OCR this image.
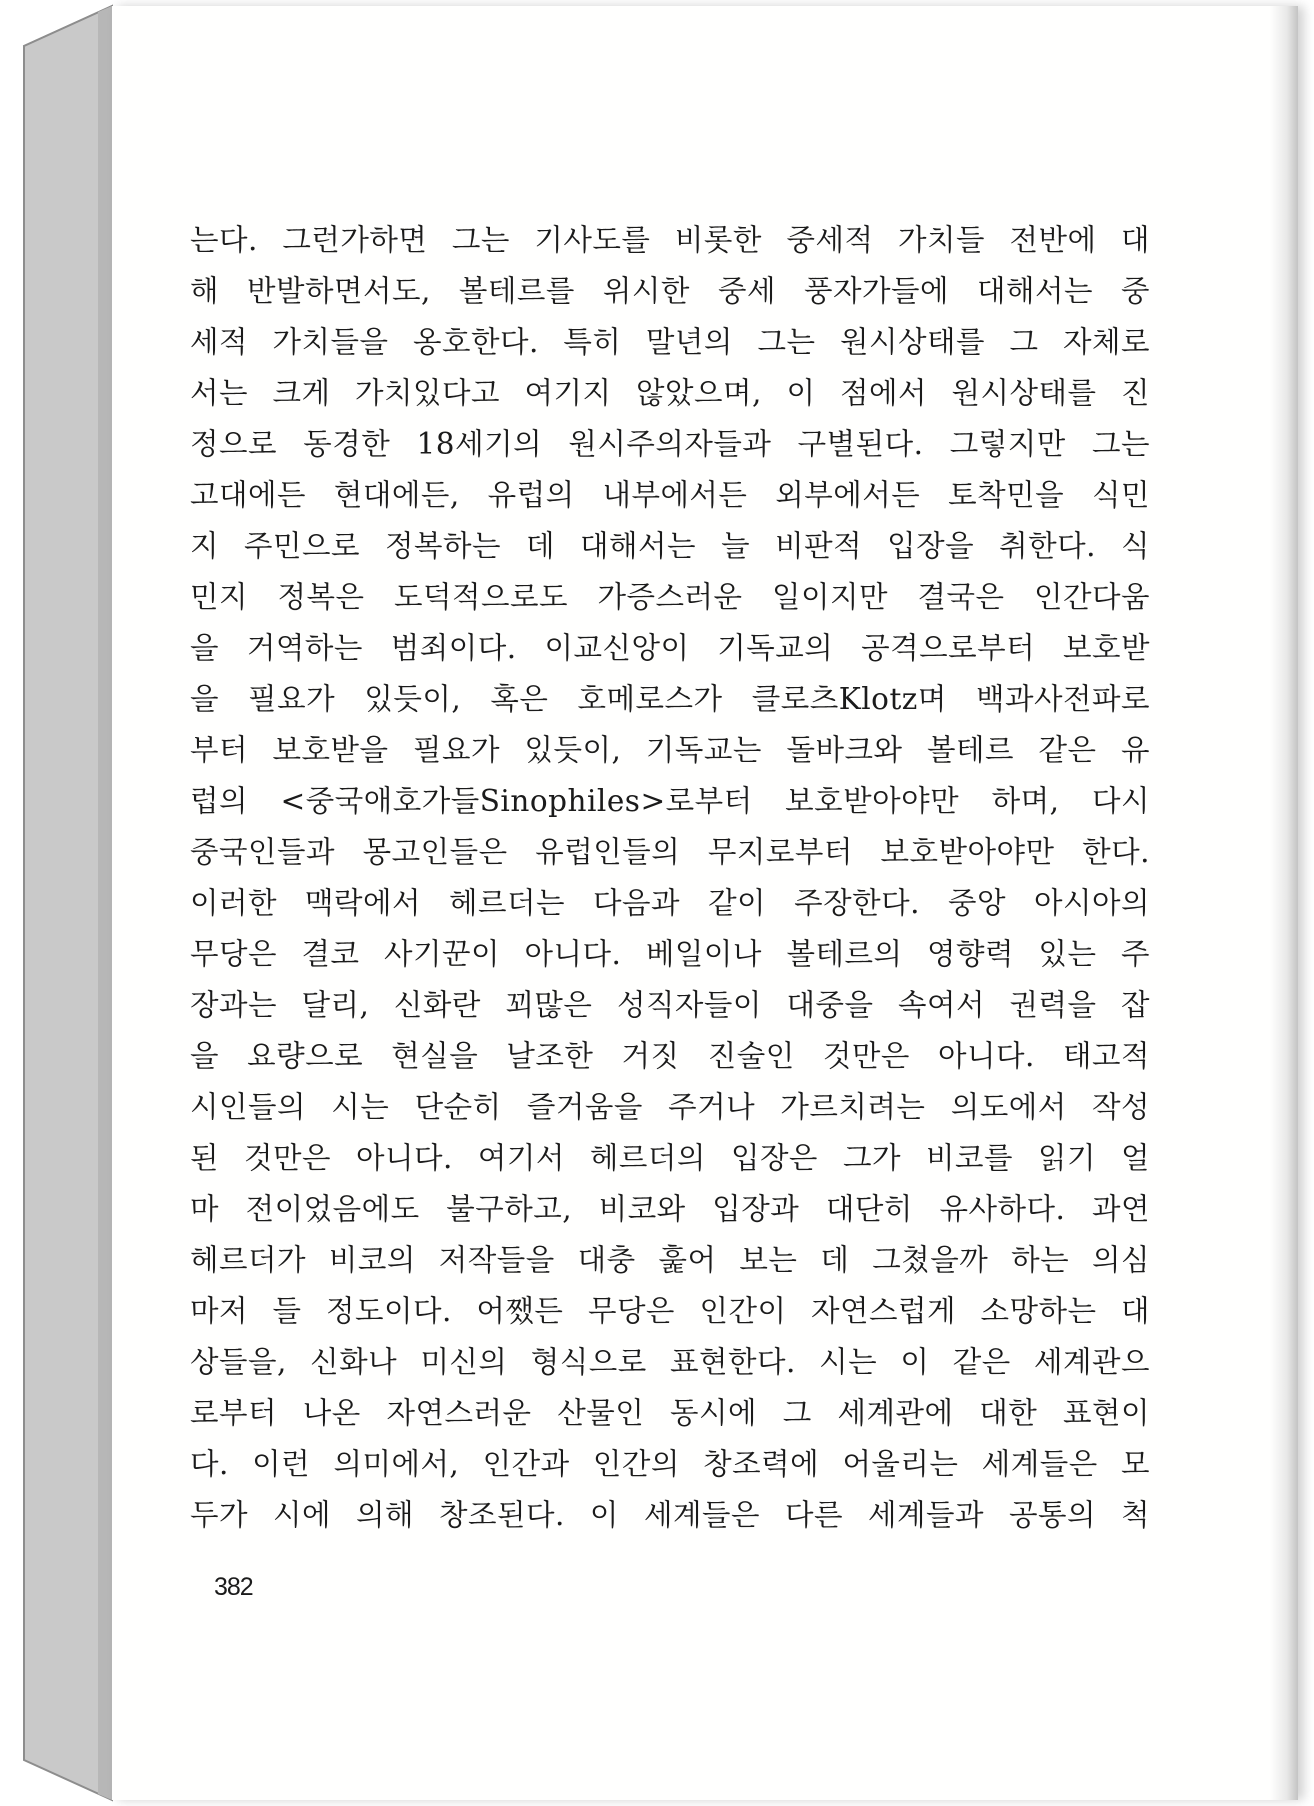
는다. 그런가하면 그는 기사도를 비롯한 중세적 가치들 전반에 대
해 반발하면서도, 볼테르를 위시한 중세 풍자가들에 대해서는 중
세적 가치들을 옹호한다. 특히 말년의 그는 원시상태를 그 자체로
서는 크게 가치있다고 여기지 않았으며, 이 점에서 원시상태를 진
정으로 동경한 18세기의 원시주의자들과 구별된다. 그렇지만 그는
고대에든 현대에든, 유럽의 내부에서든 외부에서든 토착민을 식민
지 주민으로 정복하는 데 대해서는 늘 비판적 입장을 취한다. 식
민지 정복은 도덕적으로도 가증스러운 일이지만 결국은 인간다움
을 거역하는 범죄이다. 이교신앙이 기독교의 공격으로부터 보호받
을 필요가 있듯이, 혹은 호메로스가 클로츠Klotz며 백과사전파로
부터 보호받을 필요가 있듯이, 기독교는 돌바크와 볼테르 같은 유
럽의 <중국애호가들Sinophiles>로부터 보호받아야만 하며, 다시
중국인들과 몽고인들은 유럽인들의 무지로부터 보호받아야만 한다.
이러한 맥락에서 헤르더는 다음과 같이 주장한다. 중앙 아시아의
무당은 결코 사기꾼이 아니다. 베일이나 볼테르의 영향력 있는 주
장과는 달리, 신화란 꾀많은 성직자들이 대중을 속여서 권력을 잡
을 요량으로 현실을 날조한 거짓 진술인 것만은 아니다. 태고적
시인들의 시는 단순히 즐거움을 주거나 가르치려는 의도에서 작성
된 것만은 아니다. 여기서 헤르더의 입장은 그가 비코를 읽기 얼
마 전이었음에도 불구하고, 비코와 입장과 대단히 유사하다. 과연
헤르더가 비코의 저작들을 대충 훑어 보는 데 그쳤을까 하는 의심
마저 들 정도이다. 어쨌든 무당은 인간이 자연스럽게 소망하는 대
상들을, 신화나 미신의 형식으로 표현한다. 시는 이 같은 세계관으
로부터 나온 자연스러운 산물인 동시에 그 세계관에 대한 표현이
다. 이런 의미에서, 인간과 인간의 창조력에 어울리는 세계들은 모
두가 시에 의해 창조된다. 이 세계들은 다른 세계들과 공통의 척
382
